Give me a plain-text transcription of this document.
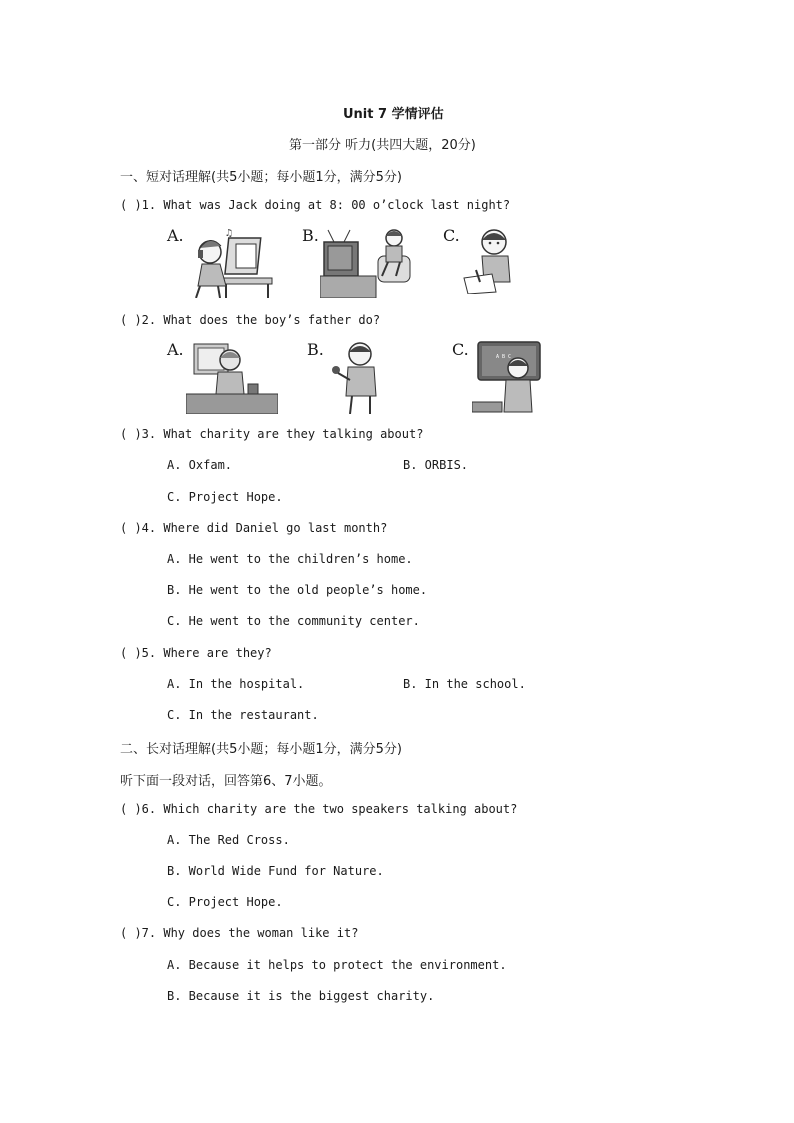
Unit 7 学情评估
第一部分 听力(共四大题，20分)
一、短对话理解(共5小题；每小题1分，满分5分)
( )1. What was Jack doing at 8: 00 o’clock last night?
A.	♫	B.	C.
( )2. What does the boy’s father do?
A.	B.	C.	A B C
( )3. What charity are they talking about?
A. Oxfam.	B. ORBIS.
C. Project Hope.
( )4. Where did Daniel go last month?
A. He went to the children’s home.
B. He went to the old people’s home.
C. He went to the community center.
( )5. Where are they?
A. In the hospital.	B. In the school.
C. In the restaurant.
二、长对话理解(共5小题；每小题1分，满分5分)
听下面一段对话，回答第6、7小题。
( )6. Which charity are the two speakers talking about?
A. The Red Cross.
B. World Wide Fund for Nature.
C. Project Hope.
( )7. Why does the woman like it?
A. Because it helps to protect the environment.
B. Because it is the biggest charity.
